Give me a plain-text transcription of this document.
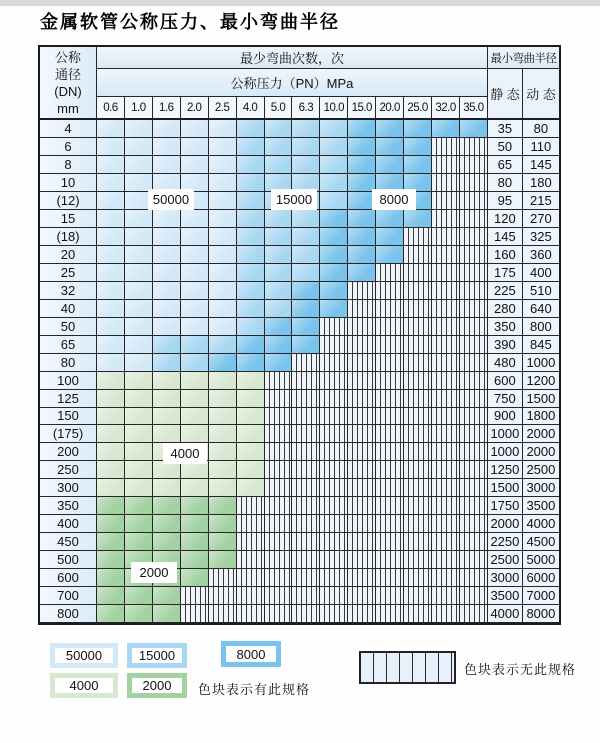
金属软管公称压力、最小弯曲半径
公称
通径
(DN)
mm
最少弯曲次数，次
公称压力（PN）MPa
0.6	1.0	1.6	2.0	2.5	4.0	5.0	6.3 10.0 15.0 20.0 25.0 32.0 35.0
最小弯曲半径
静 态 动 态
4	35	80
6	50	110
8	65	145
10	80	180
(12)	95	215
15	120	270
(18)	145	325
20	160	360
25	175	400
32	225	510
40	280	640
50	350	800
65	390	845
80	480 1000
100	600 1200
125	750 1500
150	900 1800
(175)	1000 2000
200	1000 2000
250	1250 2500
300	1500 3000
350	1750 3500
400	2000 4000
450	2250 4500
500	2500 5000
600	3000 6000
700	3500 7000
800	4000 8000
50000	15000	8000
4000
2000
色块表示有此规格
色块表示无此规格
50000	15000	8000
4000	2000
